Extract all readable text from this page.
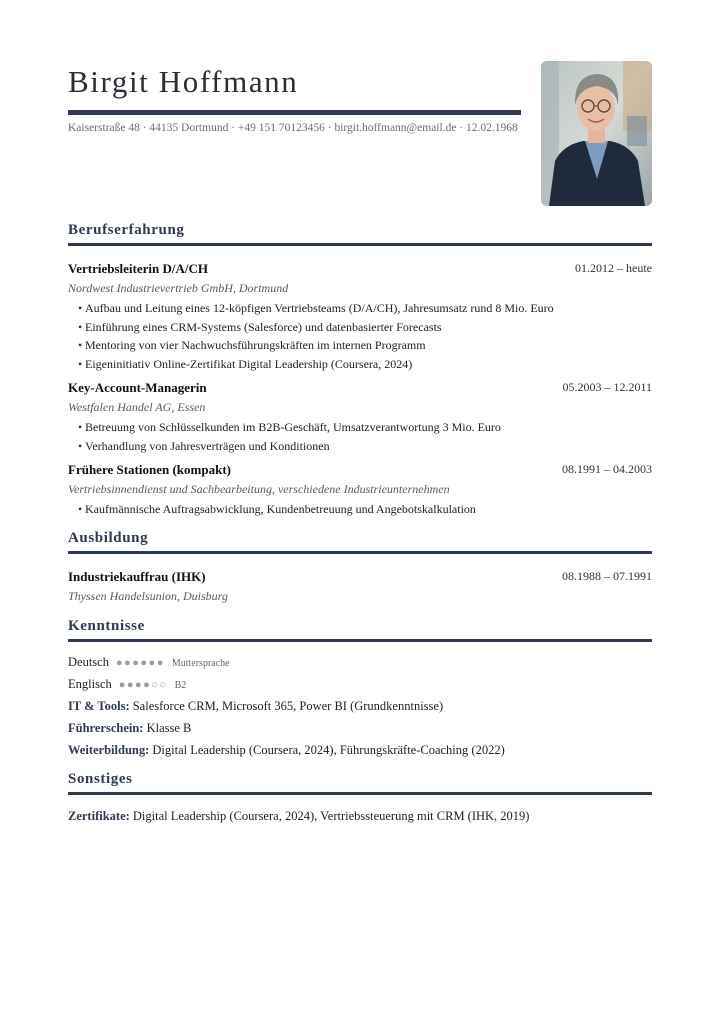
Birgit Hoffmann
Kaiserstraße 48 · 44135 Dortmund · +49 151 70123456 · birgit.hoffmann@email.de · 12.02.1968
Berufserfahrung
Vertriebsleiterin D/A/CH	01.2012 – heute
Nordwest Industrievertrieb GmbH, Dortmund
• Aufbau und Leitung eines 12-köpfigen Vertriebsteams (D/A/CH), Jahresumsatz rund 8 Mio. Euro
• Einführung eines CRM-Systems (Salesforce) und datenbasierter Forecasts
• Mentoring von vier Nachwuchsführungskräften im internen Programm
• Eigeninitiativ Online-Zertifikat Digital Leadership (Coursera, 2024)
Key-Account-Managerin	05.2003 – 12.2011
Westfalen Handel AG, Essen
• Betreuung von Schlüsselkunden im B2B-Geschäft, Umsatzverantwortung 3 Mio. Euro
• Verhandlung von Jahresverträgen und Konditionen
Frühere Stationen (kompakt)	08.1991 – 04.2003
Vertriebsinnendienst und Sachbearbeitung, verschiedene Industrieunternehmen
• Kaufmännische Auftragsabwicklung, Kundenbetreuung und Angebotskalkulation
Ausbildung
Industriekauffrau (IHK)	08.1988 – 07.1991
Thyssen Handelsunion, Duisburg
Kenntnisse
Deutsch ●●●●●● Muttersprache
Englisch ●●●●○○ B2
IT & Tools: Salesforce CRM, Microsoft 365, Power BI (Grundkenntnisse)
Führerschein: Klasse B
Weiterbildung: Digital Leadership (Coursera, 2024), Führungskräfte-Coaching (2022)
Sonstiges
Zertifikate: Digital Leadership (Coursera, 2024), Vertriebssteuerung mit CRM (IHK, 2019)
